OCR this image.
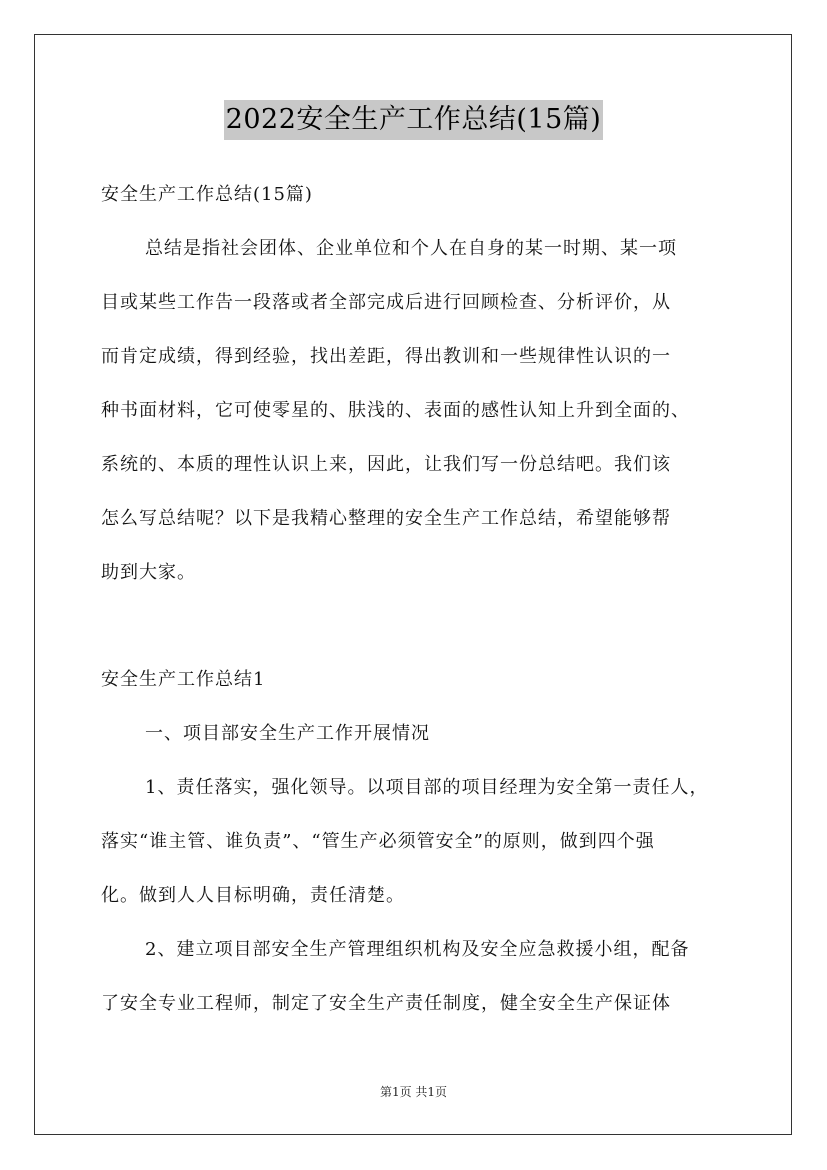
2022安全生产工作总结(15篇)
安全生产工作总结(15篇)
总结是指社会团体、企业单位和个人在自身的某一时期、某一项
目或某些工作告一段落或者全部完成后进行回顾检查、分析评价，从
而肯定成绩，得到经验，找出差距，得出教训和一些规律性认识的一
种书面材料，它可使零星的、肤浅的、表面的感性认知上升到全面的、
系统的、本质的理性认识上来，因此，让我们写一份总结吧。我们该
怎么写总结呢？以下是我精心整理的安全生产工作总结，希望能够帮
助到大家。
安全生产工作总结1
一、项目部安全生产工作开展情况
1、责任落实，强化领导。以项目部的项目经理为安全第一责任人，
落实“谁主管、谁负责”、“管生产必须管安全”的原则，做到四个强
化。做到人人目标明确，责任清楚。
2、建立项目部安全生产管理组织机构及安全应急救援小组，配备
了安全专业工程师，制定了安全生产责任制度，健全安全生产保证体
第1页 共1页
